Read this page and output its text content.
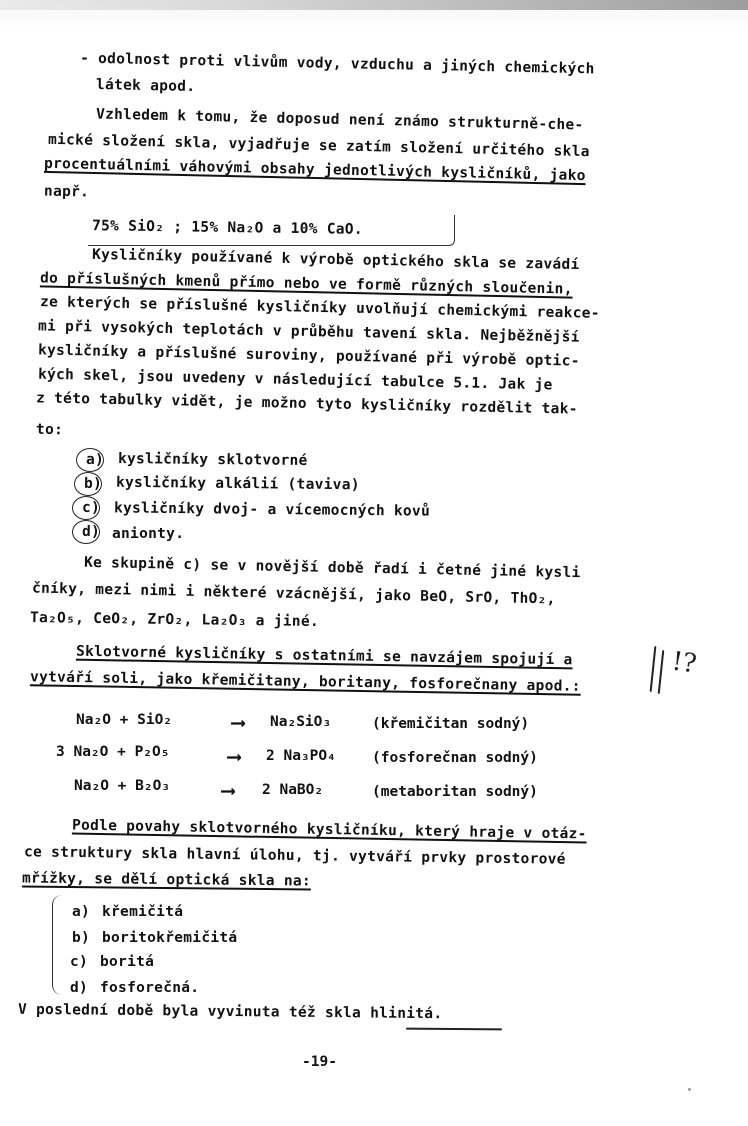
- odolnost proti vlivům vody, vzduchu a jiných chemických
látek apod.
Vzhledem k tomu, že doposud není známo strukturně-che-
mické složení skla, vyjadřuje se zatím složení určitého skla
procentuálními váhovými obsahy jednotlivých kysličníků, jako
např.
75% SiO₂ ; 15% Na₂O a 10% CaO.
Kysličníky používané k výrobě optického skla se zavádí
do příslušných kmenů přímo nebo ve formě různých sloučenin,
ze kterých se příslušné kysličníky uvolňují chemickými reakce-
mi při vysokých teplotách v průběhu tavení skla. Nejběžnější
kysličníky a příslušné suroviny, používané při výrobě optic-
kých skel, jsou uvedeny v následující tabulce 5.1. Jak je
z této tabulky vidět, je možno tyto kysličníky rozdělit tak-
to:
a) kysličníky sklotvorné
b) kysličníky alkálií (taviva)
c) kysličníky dvoj- a vícemocných kovů
d) anionty.
Ke skupině c) se v novější době řadí i četné jiné kysli
čníky, mezi nimi i některé vzácnější, jako BeO, SrO, ThO₂,
Ta₂O₅, CeO₂, ZrO₂, La₂O₃ a jiné.
Sklotvorné kysličníky s ostatními se navzájem spojují a
vytváří soli, jako křemičitany, boritany, fosforečnany apod.:
!?
Na₂O + SiO₂	⟶ Na₂SiO₃	(křemičitan sodný)
3 Na₂O + P₂O₅	⟶ 2 Na₃PO₄ (fosforečnan sodný)
Na₂O + B₂O₃	⟶ 2 NaBO₂	(metaboritan sodný)
Podle povahy sklotvorného kysličníku, který hraje v otáz-
ce struktury skla hlavní úlohu, tj. vytváří prvky prostorové
mřížky, se dělí optická skla na:
a) křemičitá
b) boritokřemičitá
c) boritá
d) fosforečná.
V poslední době byla vyvinuta též skla hlinitá.
-19-
